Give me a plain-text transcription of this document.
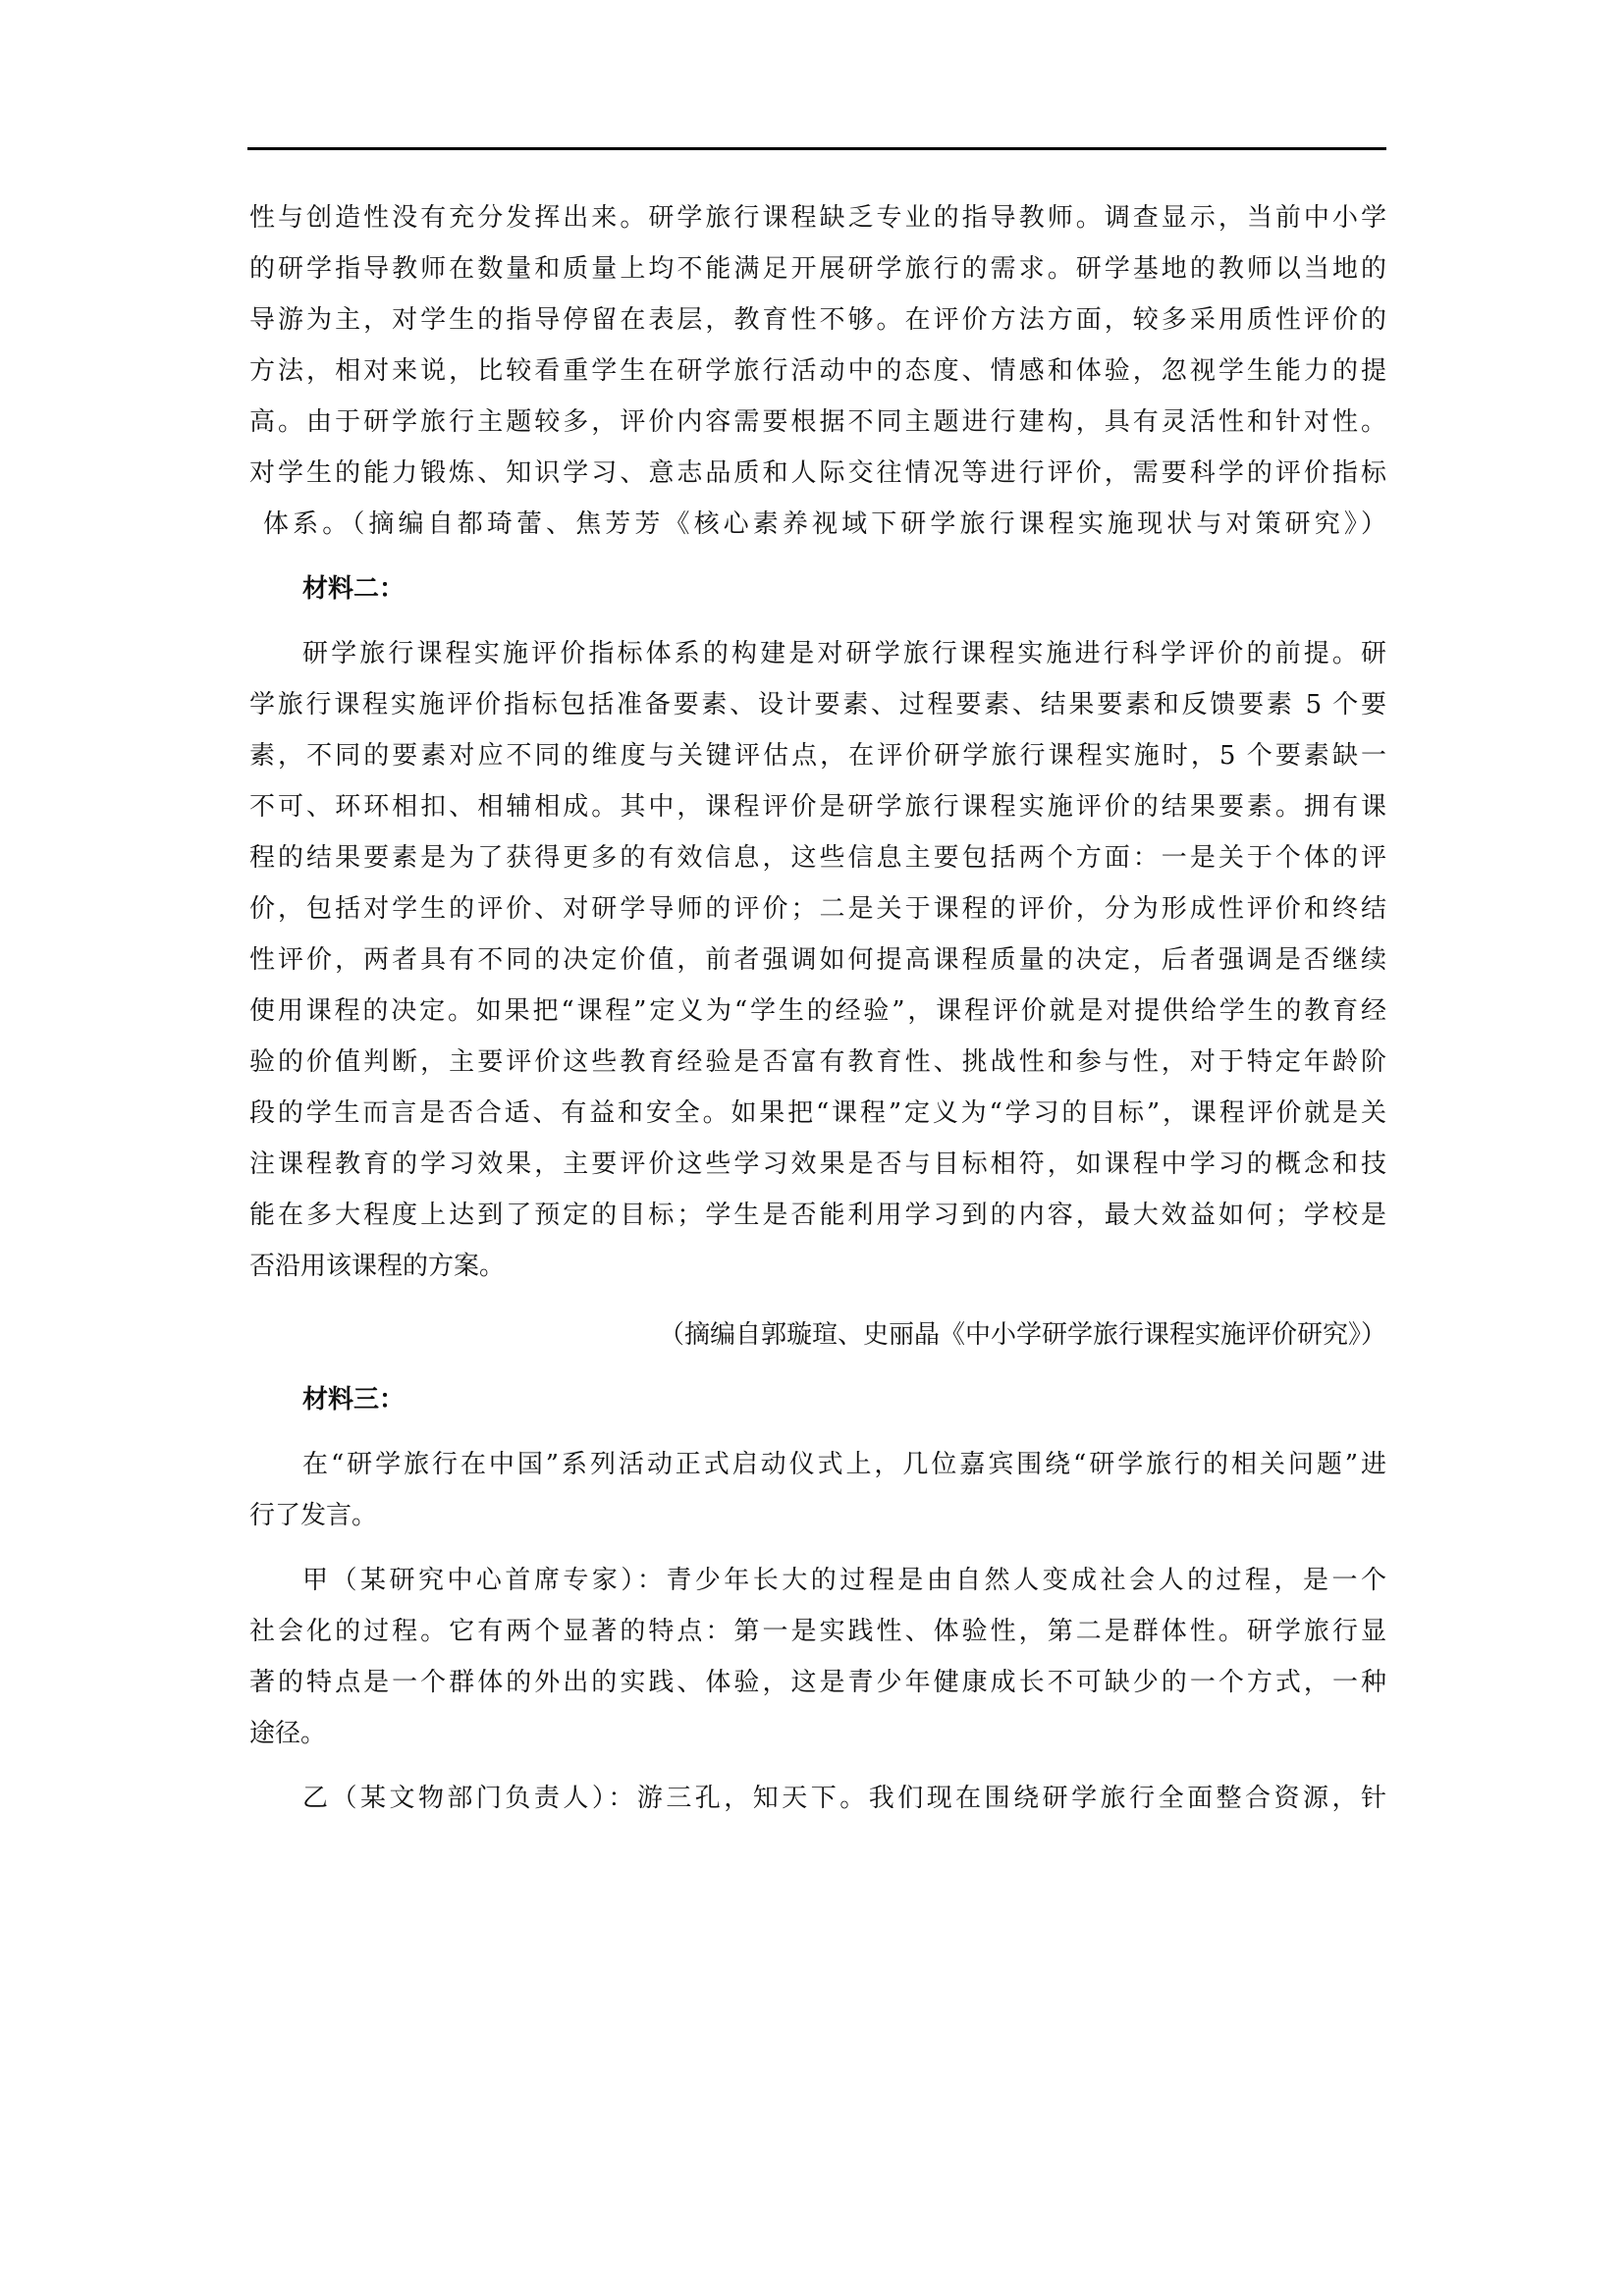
性与创造性没有充分发挥出来。研学旅行课程缺乏专业的指导教师。调查显示，当前中小学
的研学指导教师在数量和质量上均不能满足开展研学旅行的需求。研学基地的教师以当地的
导游为主，对学生的指导停留在表层，教育性不够。在评价方法方面，较多采用质性评价的
方法，相对来说，比较看重学生在研学旅行活动中的态度、情感和体验，忽视学生能力的提
高。由于研学旅行主题较多，评价内容需要根据不同主题进行建构，具有灵活性和针对性。
对学生的能力锻炼、知识学习、意志品质和人际交往情况等进行评价，需要科学的评价指标
体系。（摘编自都琦蕾、焦芳芳《核心素养视域下研学旅行课程实施现状与对策研究》）
材料二：
研学旅行课程实施评价指标体系的构建是对研学旅行课程实施进行科学评价的前提。研
学旅行课程实施评价指标包括准备要素、设计要素、过程要素、结果要素和反馈要素 5 个要
素，不同的要素对应不同的维度与关键评估点，在评价研学旅行课程实施时，5 个要素缺一
不可、环环相扣、相辅相成。其中，课程评价是研学旅行课程实施评价的结果要素。拥有课
程的结果要素是为了获得更多的有效信息，这些信息主要包括两个方面：一是关于个体的评
价，包括对学生的评价、对研学导师的评价；二是关于课程的评价，分为形成性评价和终结
性评价，两者具有不同的决定价值，前者强调如何提高课程质量的决定，后者强调是否继续
使用课程的决定。如果把“课程”定义为“学生的经验”，课程评价就是对提供给学生的教育经
验的价值判断，主要评价这些教育经验是否富有教育性、挑战性和参与性，对于特定年龄阶
段的学生而言是否合适、有益和安全。如果把“课程”定义为“学习的目标”，课程评价就是关
注课程教育的学习效果，主要评价这些学习效果是否与目标相符，如课程中学习的概念和技
能在多大程度上达到了预定的目标；学生是否能利用学习到的内容，最大效益如何；学校是
否沿用该课程的方案。
（摘编自郭璇瑄、史丽晶《中小学研学旅行课程实施评价研究》）
材料三：
在“研学旅行在中国”系列活动正式启动仪式上，几位嘉宾围绕“研学旅行的相关问题”进
行了发言。
甲（某研究中心首席专家）：青少年长大的过程是由自然人变成社会人的过程，是一个
社会化的过程。它有两个显著的特点：第一是实践性、体验性，第二是群体性。研学旅行显
著的特点是一个群体的外出的实践、体验，这是青少年健康成长不可缺少的一个方式，一种
途径。
乙（某文物部门负责人）：游三孔，知天下。我们现在围绕研学旅行全面整合资源，针
